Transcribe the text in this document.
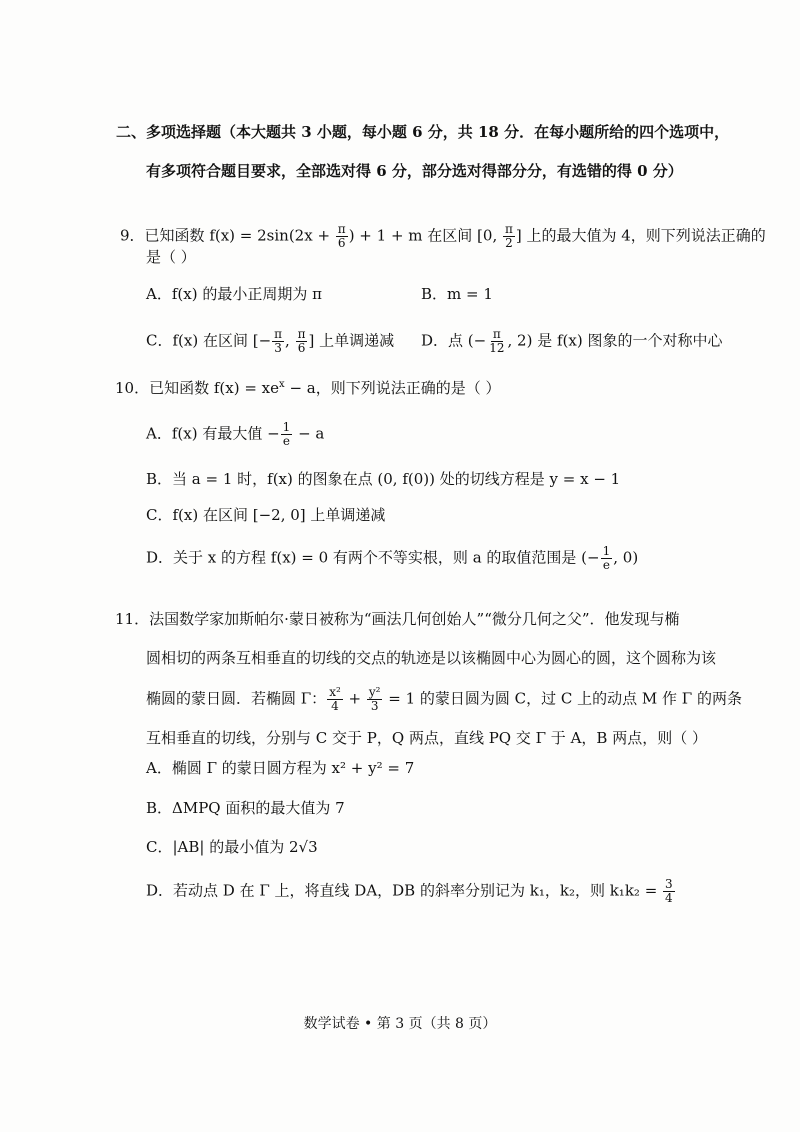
二、多项选择题（本大题共 3 小题，每小题 6 分，共 18 分．在每小题所给的四个选项中，
有多项符合题目要求，全部选对得 6 分，部分选对得部分分，有选错的得 0 分）
9．已知函数 $f(x) = 2\sin(2x + \frac{\pi}{6}$ ) + 1 + m 在区间 [0, $\frac{\pi}{2}$ ] 上的最大值为 4，则下列说法正确的
是（ ）
A．f(x) 的最小正周期为 π	B．m = 1
C．f(x) 在区间 [− $\frac{\pi}{3}$ , $\frac{\pi}{6}$ ] 上单调递减 D．点 (− $\frac{\pi}{12}$ , 2) 是 f(x) 图象的一个对称中心
10．已知函数 $f(x) = xe^x - a$，则下列说法正确的是（ ）
A．f(x) 有最大值 − $\frac{1}{e} - a$
B．当 a = 1 时，f(x) 的图象在点 (0, f(0)) 处的切线方程是 y = x − 1
C．f(x) 在区间 [−2, 0] 上单调递减
D．关于 x 的方程 f(x) = 0 有两个不等实根，则 a 的取值范围是 (− $\frac{1}{e}$ , 0)
11．法国数学家加斯帕尔·蒙日被称为“画法几何创始人”“微分几何之父”．他发现与椭
圆相切的两条互相垂直的切线的交点的轨迹是以该椭圆中心为圆心的圆，这个圆称为该
椭圆的蒙日圆．若椭圆 Γ： $\frac{\text{x²}}{4} + \frac{\text{y²}}{3} = 1$ 的蒙日圆为圆 C，过 C 上的动点 M 作 Γ 的两条
互相垂直的切线，分别与 C 交于 P，Q 两点，直线 PQ 交 Γ 于 A，B 两点，则（ ）
A．椭圆 Γ 的蒙日圆方程为 x² + y² = 7
B．ΔMPQ 面积的最大值为 7
C．|AB| 的最小值为 2√3
D．若动点 D 在 Γ 上，将直线 DA，DB 的斜率分别记为 k₁，k₂，则 $k_1k_2 = \frac{3}{4}$
数学试卷 • 第 3 页（共 8 页）
